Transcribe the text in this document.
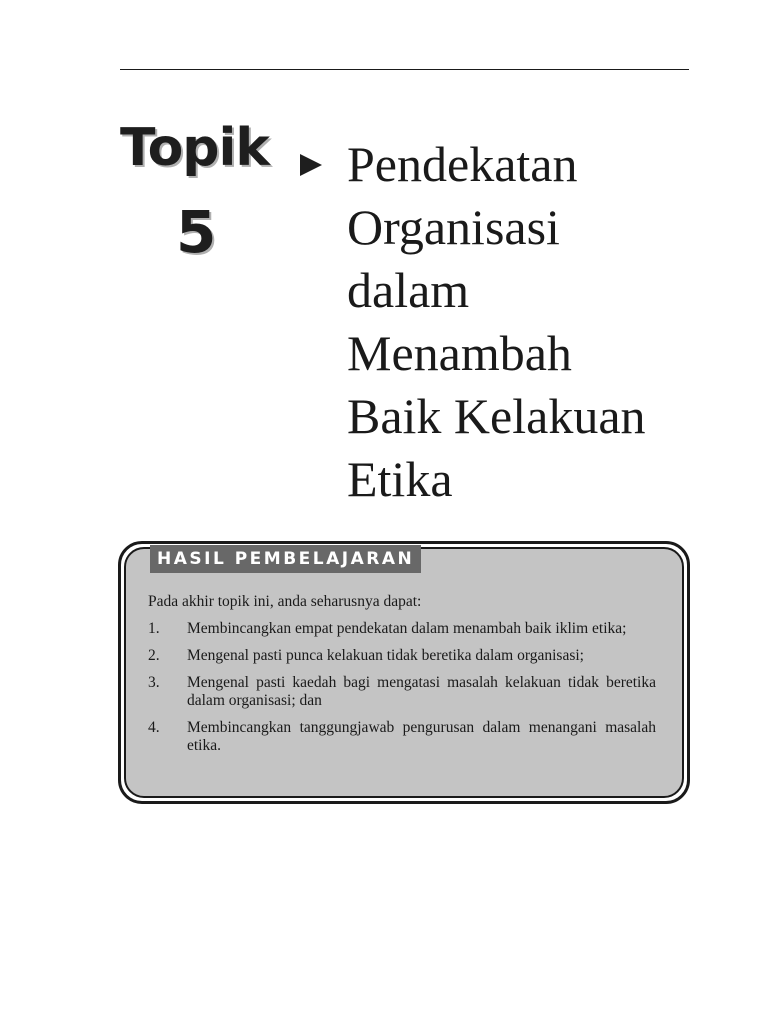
Topik
5
Pendekatan
Organisasi
dalam
Menambah
Baik Kelakuan
Etika
HASIL PEMBELAJARAN
Pada akhir topik ini, anda seharusnya dapat:
1.	Membincangkan empat pendekatan dalam menambah baik iklim etika;
2.	Mengenal pasti punca kelakuan tidak beretika dalam organisasi;
3.	Mengenal pasti kaedah bagi mengatasi masalah kelakuan tidak beretika dalam organisasi; dan
4.	Membincangkan tanggungjawab pengurusan dalam menangani masalah etika.
